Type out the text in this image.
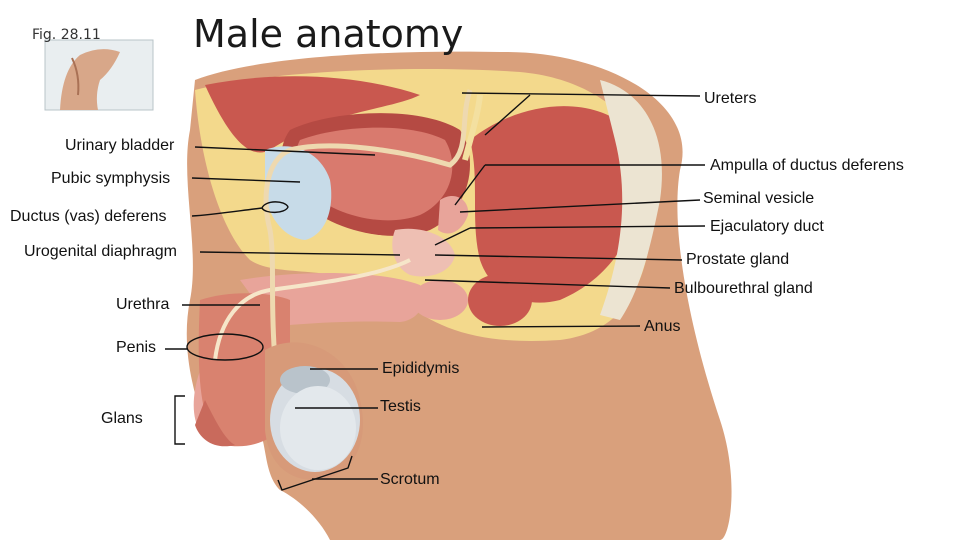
Fig. 28.11 Male anatomy
Ureters
Urinary bladder
Ampulla of ductus deferens
Pubic symphysis
Seminal vesicle
Ductus (vas) deferens
Ejaculatory duct
Urogenital diaphragm	Prostate gland
Bulbourethral gland
Urethra
Anus
Penis
Epididymis
Testis
Glans
Scrotum
